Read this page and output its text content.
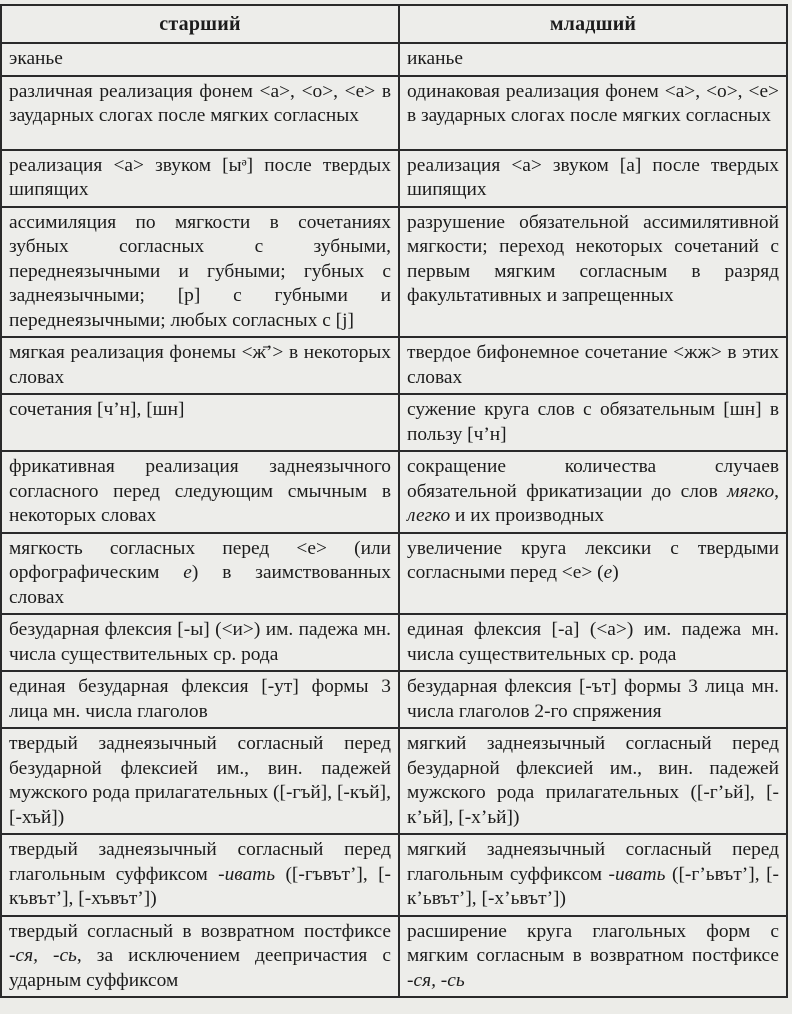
старший	младший
эканье	иканье
различная реализация фонем <а>, <о>, <е> в заударных слогах после мягких согласных	одинаковая реализация фонем <а>, <о>, <е> в заударных слогах после мягких согласных
реализация <а> звуком [ыᵊ] после твердых шипящих	реализация <а> звуком [а] после твердых шипящих
ассимиляция по мягкости в сочетаниях зубных согласных с зубными, переднеязычными и губными; губных с заднеязычными; [р] с губными и переднеязычными; любых согласных с [j]	разрушение обязательной ассимилятивной мягкости; переход некоторых сочетаний с первым мягким согласным в разряд факультативных и запрещенных
мягкая реализация фонемы <ж̄’> в некоторых словах	твердое бифонемное сочетание <жж> в этих словах
сочетания [ч’н], [шн]	сужение круга слов с обязательным [шн] в пользу [ч’н]
фрикативная реализация заднеязычного согласного перед следующим смычным в некоторых словах	сокращение количества случаев обязательной фрикатизации до слов мягко, легко и их производных
мягкость согласных перед <е> (или орфографическим е) в заимствованных словах	увеличение круга лексики с твердыми согласными перед <е> (е)
безударная флексия [-ы] (<и>) им. падежа мн. числа существительных ср. рода	единая флексия [-а] (<а>) им. падежа мн. числа существительных ср. рода
единая безударная флексия [-ут] формы 3 лица мн. числа глаголов	безударная флексия [-ът] формы 3 лица мн. числа глаголов 2-го спряжения
твердый заднеязычный согласный перед безударной флексией им., вин. падежей мужского рода прилагательных ([-гъй], [-къй], [-хъй])	мягкий заднеязычный согласный перед безударной флексией им., вин. падежей мужского рода прилагательных ([-г’ьй], [-к’ьй], [-х’ьй])
твердый заднеязычный согласный перед глагольным суффиксом -ивать ([-гъвът’], [-къвът’], [-хъвът’])	мягкий заднеязычный согласный перед глагольным суффиксом -ивать ([-г’ьвът’], [-к’ьвът’], [-х’ьвът’])
твердый согласный в возвратном постфиксе -ся, -сь, за исключением деепричастия с ударным суффиксом	расширение круга глагольных форм с мягким согласным в возвратном постфиксе -ся, -сь
